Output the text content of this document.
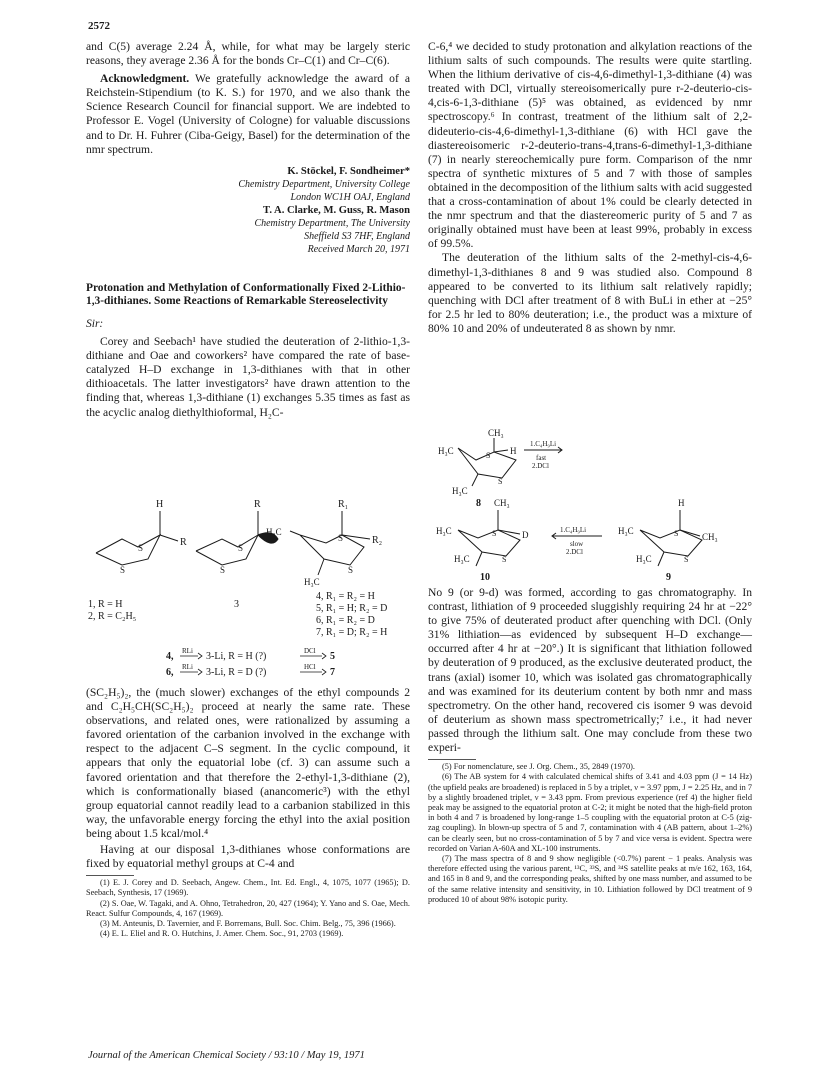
2572

and C(5) average 2.24 Å, while, for what may be largely steric reasons, they average 2.36 Å for the bonds Cr–C(1) and Cr–C(6).

Acknowledgment. We gratefully acknowledge the award of a Reichstein-Stipendium (to K. S.) for 1970, and we also thank the Science Research Council for financial support. We are indebted to Professor E. Vogel (University of Cologne) for valuable discussions and to Dr. H. Fuhrer (Ciba-Geigy, Basel) for the determination of the nmr spectrum.

K. Stöckel, F. Sondheimer*
Chemistry Department, University College
London WC1H OAJ, England
T. A. Clarke, M. Guss, R. Mason
Chemistry Department, The University
Sheffield S3 7HF, England
Received March 20, 1971

Protonation and Methylation of Conformationally Fixed 2-Lithio-1,3-dithianes. Some Reactions of Remarkable Stereoselectivity

Sir:

Corey and Seebach¹ have studied the deuteration of 2-lithio-1,3-dithiane and Oae and coworkers² have compared the rate of base-catalyzed H–D exchange in 1,3-dithianes with that in other dithioacetals. The latter investigators² have drawn attention to the finding that, whereas 1,3-dithiane (1) exchanges 5.35 times as fast as the acyclic analog diethylthioformal, H₂C-

S
S
H
R	S
S
R
H₃C
R₁
R₂
S
S
H₃C
1, R = H
2, R = C₂H₅
3
4, R₁ = R₂ = H
5, R₁ = H; R₂ = D
6, R₁ = R₂ = D
7, R₁ = D; R₂ = H
4, RLi 3-Li, R = H (?)	DCl 5
6, RLi 3-Li, R = D (?)	HCl 7

(SC₂H₅)₂, the (much slower) exchanges of the ethyl compounds 2 and C₂H₅CH(SC₂H₅)₂ proceed at nearly the same rate. These observations, and related ones, were rationalized by assuming a favored orientation of the carbanion involved in the exchange with respect to the adjacent C–S segment. In the cyclic compound, it appears that only the equatorial lobe (cf. 3) can assume such a favored orientation and that therefore the 2-ethyl-1,3-dithiane (2), which is conformationally biased (anancomeric³) with the ethyl group equatorial cannot readily lead to a carbanion stabilized in this way, the unfavorable energy forcing the ethyl into the axial position being about 1.5 kcal/mol.⁴

Having at our disposal 1,3-dithianes whose conformations are fixed by equatorial methyl groups at C-4 and

(1) E. J. Corey and D. Seebach, Angew. Chem., Int. Ed. Engl., 4, 1075, 1077 (1965); D. Seebach, Synthesis, 17 (1969).

(2) S. Oae, W. Tagaki, and A. Ohno, Tetrahedron, 20, 427 (1964); Y. Yano and S. Oae, Mech. React. Sulfur Compounds, 4, 167 (1969).

(3) M. Anteunis, D. Tavernier, and F. Borremans, Bull. Soc. Chim. Belg., 75, 396 (1966).

(4) E. L. Eliel and R. O. Hutchins, J. Amer. Chem. Soc., 91, 2703 (1969).

C-6,⁴ we decided to study protonation and alkylation reactions of the lithium salts of such compounds. The results were quite startling. When the lithium derivative of cis-4,6-dimethyl-1,3-dithiane (4) was treated with DCl, virtually stereoisomerically pure r-2-deuterio-cis-4,cis-6-1,3-dithiane (5)⁵ was obtained, as evidenced by nmr spectroscopy.⁶ In contrast, treatment of the lithium salt of 2,2-dideuterio-cis-4,6-dimethyl-1,3-dithiane (6) with HCl gave the diastereoisomeric r-2-deuterio-trans-4,trans-6-dimethyl-1,3-dithiane (7) in nearly stereochemically pure form. Comparison of the nmr spectra of synthetic mixtures of 5 and 7 with those of samples obtained in the decomposition of the lithium salts with acid suggested that a cross-contamination of about 1% could be clearly detected in the nmr spectrum and that the diastereomeric purity of 5 and 7 as originally obtained must have been at least 99%, probably in excess of 99.5%.

The deuteration of the lithium salts of the 2-methyl-cis-4,6-dimethyl-1,3-dithianes 8 and 9 was studied also. Compound 8 appeared to be converted to its lithium salt relatively rapidly; quenching with DCl after treatment of 8 with BuLi in ether at −25° for 2.5 hr led to 80% deuteration; i.e., the product was a mixture of 80% 10 and 20% of undeuterated 8 as shown by nmr.

CH₃
H₃C	H
S
S
H₃C
1.C₄H₉Li
fast
2.DCl
8 CH₃
H₃C	D
S
S
H₃C
10
1.C₄H₉Li
slow
2.DCl
H
H₃C
CH₃
S
S
H₃C
9

No 9 (or 9-d) was formed, according to gas chromatography. In contrast, lithiation of 9 proceeded sluggishly requiring 24 hr at −22° to give 75% of deuterated product after quenching with DCl. (Only 31% lithiation—as evidenced by subsequent H–D exchange—occurred after 4 hr at −20°.) It is significant that lithiation followed by deuteration of 9 produced, as the exclusive deuterated product, the trans (axial) isomer 10, which was isolated gas chromatographically and was examined for its deuterium content by both nmr and mass spectrometry. On the other hand, recovered cis isomer 9 was devoid of deuterium as shown mass spectrometrically;⁷ i.e., it had never passed through the lithium salt. One may conclude from these two experi-

(5) For nomenclature, see J. Org. Chem., 35, 2849 (1970).

(6) The AB system for 4 with calculated chemical shifts of 3.41 and 4.03 ppm (J = 14 Hz) (the upfield peaks are broadened) is replaced in 5 by a triplet, ν = 3.97 ppm, J = 2.25 Hz, and in 7 by a slightly broadened triplet, ν = 3.43 ppm. From previous experience (ref 4) the higher field peak may be assigned to the equatorial proton at C-2; it might be noted that the high-field proton in both 4 and 7 is broadened by long-range 1–5 coupling with the equatorial proton at C-5 (zig-zag coupling). In blown-up spectra of 5 and 7, contamination with 4 (AB pattern, about 1–2%) can be clearly seen, but no cross-contamination of 5 by 7 and vice versa is evident. Spectra were recorded on Varian A-60A and XL-100 instruments.

(7) The mass spectra of 8 and 9 show negligible (<0.7%) parent − 1 peaks. Analysis was therefore effected using the various parent, ¹³C, ³³S, and ³⁴S satellite peaks at m/e 162, 163, 164, and 165 in 8 and 9, and the corresponding peaks, shifted by one mass number, and assumed to be of the same relative intensity and sensitivity, in 10. Lithiation followed by DCl treatment of 9 produced 10 of about 98% isotopic purity.

Journal of the American Chemical Society / 93:10 / May 19, 1971
